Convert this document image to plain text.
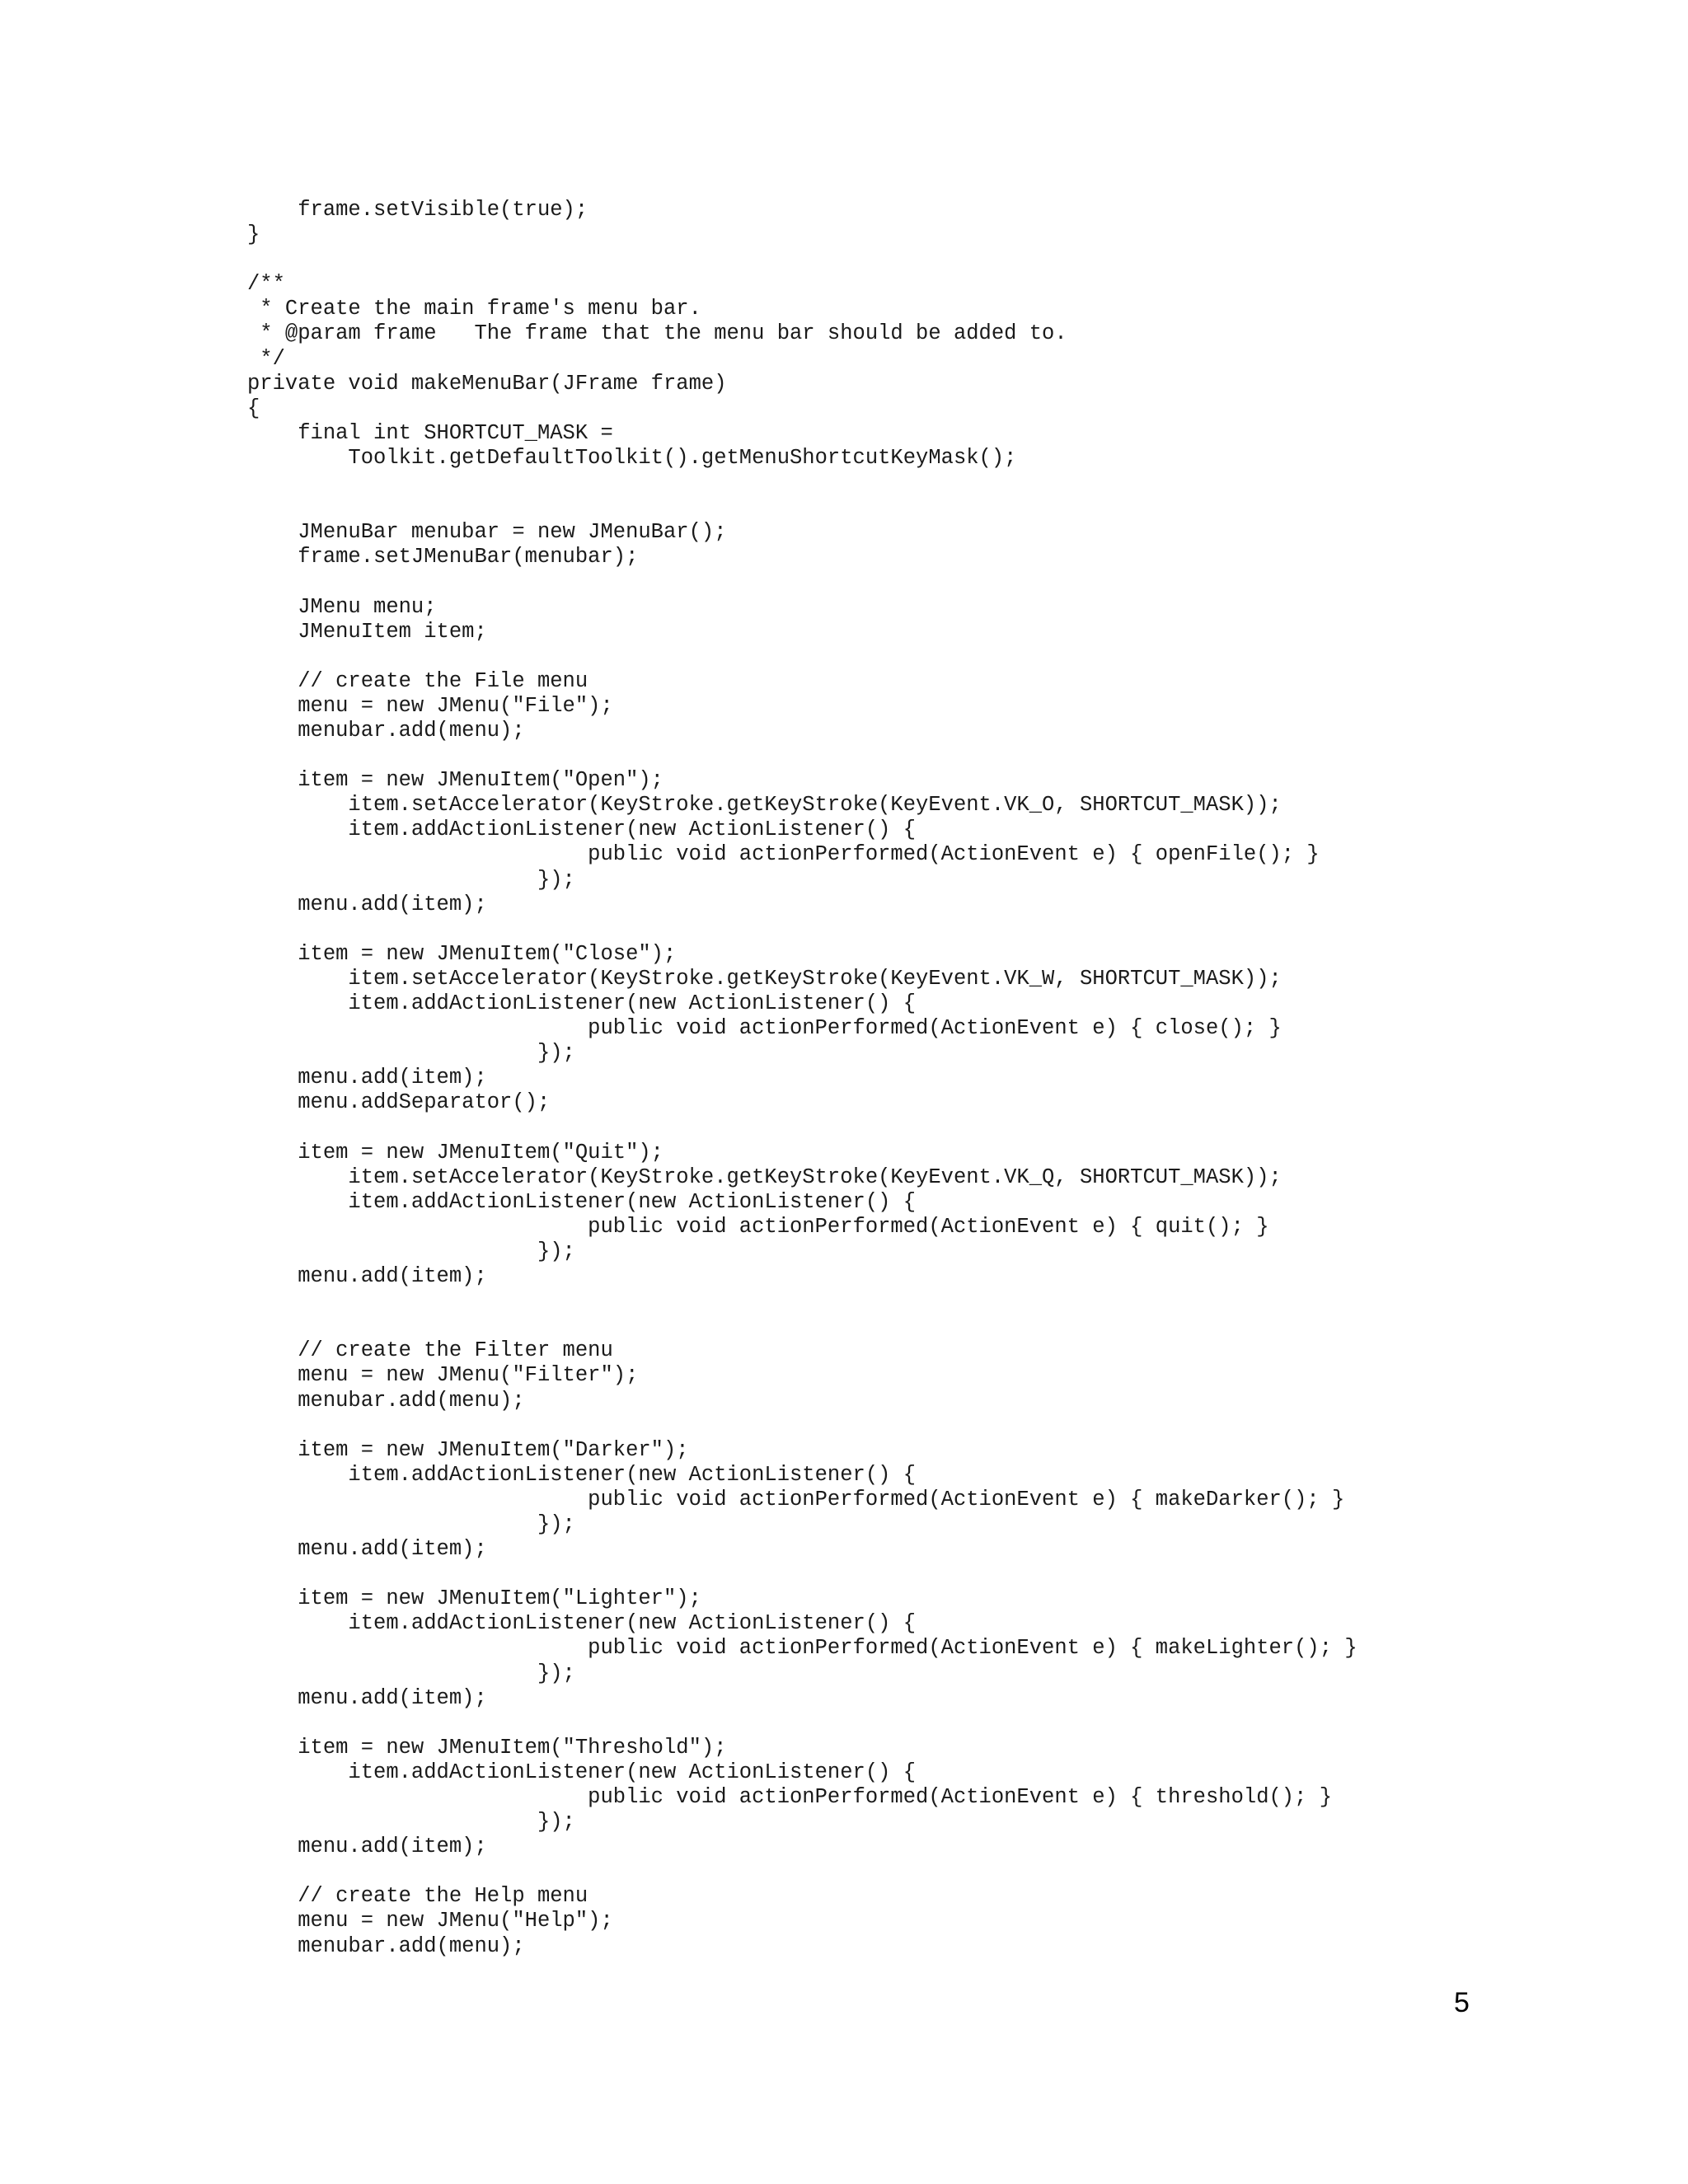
frame.setVisible(true);
}
/**
* Create the main frame's menu bar.
* @param frame   The frame that the menu bar should be added to.
*/
private void makeMenuBar(JFrame frame)
{
final int SHORTCUT_MASK =
Toolkit.getDefaultToolkit().getMenuShortcutKeyMask();
JMenuBar menubar = new JMenuBar();
frame.setJMenuBar(menubar);
JMenu menu;
JMenuItem item;
// create the File menu
menu = new JMenu("File");
menubar.add(menu);
item = new JMenuItem("Open");
item.setAccelerator(KeyStroke.getKeyStroke(KeyEvent.VK_O, SHORTCUT_MASK));
item.addActionListener(new ActionListener() {
public void actionPerformed(ActionEvent e) { openFile(); }
});
menu.add(item);
item = new JMenuItem("Close");
item.setAccelerator(KeyStroke.getKeyStroke(KeyEvent.VK_W, SHORTCUT_MASK));
item.addActionListener(new ActionListener() {
public void actionPerformed(ActionEvent e) { close(); }
});
menu.add(item);
menu.addSeparator();
item = new JMenuItem("Quit");
item.setAccelerator(KeyStroke.getKeyStroke(KeyEvent.VK_Q, SHORTCUT_MASK));
item.addActionListener(new ActionListener() {
public void actionPerformed(ActionEvent e) { quit(); }
});
menu.add(item);
// create the Filter menu
menu = new JMenu("Filter");
menubar.add(menu);
item = new JMenuItem("Darker");
item.addActionListener(new ActionListener() {
public void actionPerformed(ActionEvent e) { makeDarker(); }
});
menu.add(item);
item = new JMenuItem("Lighter");
item.addActionListener(new ActionListener() {
public void actionPerformed(ActionEvent e) { makeLighter(); }
});
menu.add(item);
item = new JMenuItem("Threshold");
item.addActionListener(new ActionListener() {
public void actionPerformed(ActionEvent e) { threshold(); }
});
menu.add(item);
// create the Help menu
menu = new JMenu("Help");
menubar.add(menu);
5
